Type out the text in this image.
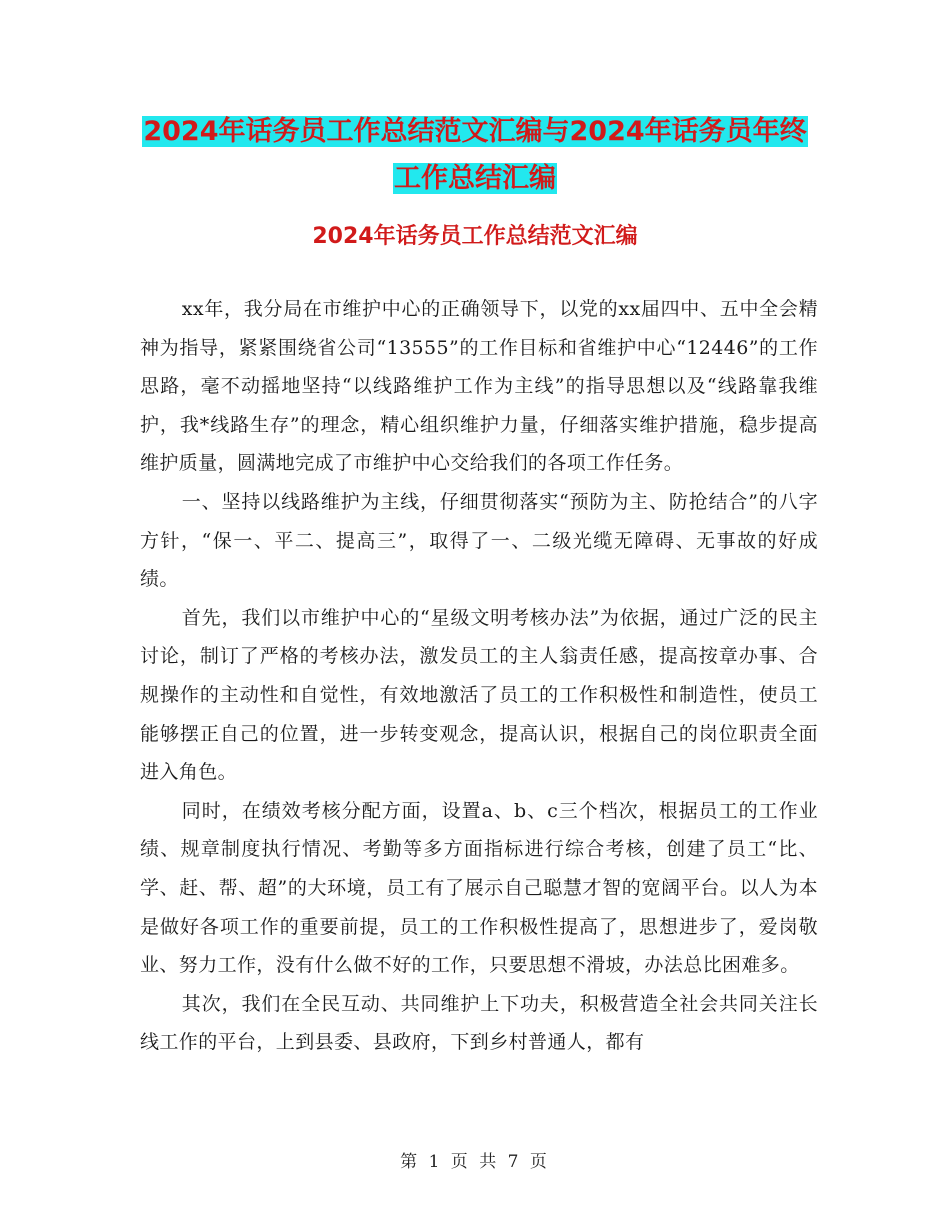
2024年话务员工作总结范文汇编与2024年话务员年终
工作总结汇编
2024年话务员工作总结范文汇编

xx年，我分局在市维护中心的正确领导下，以党的xx届四中、五中全会精神为指导，紧紧围绕省公司“13555”的工作目标和省维护中心“12446”的工作思路，毫不动摇地坚持“以线路维护工作为主线”的指导思想以及“线路靠我维护，我*线路生存”的理念，精心组织维护力量，仔细落实维护措施，稳步提高维护质量，圆满地完成了市维护中心交给我们的各项工作任务。

一、坚持以线路维护为主线，仔细贯彻落实“预防为主、防抢结合”的八字方针，“保一、平二、提高三”，取得了一、二级光缆无障碍、无事故的好成绩。

首先，我们以市维护中心的“星级文明考核办法”为依据，通过广泛的民主讨论，制订了严格的考核办法，激发员工的主人翁责任感，提高按章办事、合规操作的主动性和自觉性，有效地激活了员工的工作积极性和制造性，使员工能够摆正自己的位置，进一步转变观念，提高认识，根据自己的岗位职责全面进入角色。

同时，在绩效考核分配方面，设置a、b、c三个档次，根据员工的工作业绩、规章制度执行情况、考勤等多方面指标进行综合考核，创建了员工“比、学、赶、帮、超”的大环境，员工有了展示自己聪慧才智的宽阔平台。以人为本是做好各项工作的重要前提，员工的工作积极性提高了，思想进步了，爱岗敬业、努力工作，没有什么做不好的工作，只要思想不滑坡，办法总比困难多。

其次，我们在全民互动、共同维护上下功夫，积极营造全社会共同关注长线工作的平台，上到县委、县政府，下到乡村普通人，都有

第 1 页 共 7 页
